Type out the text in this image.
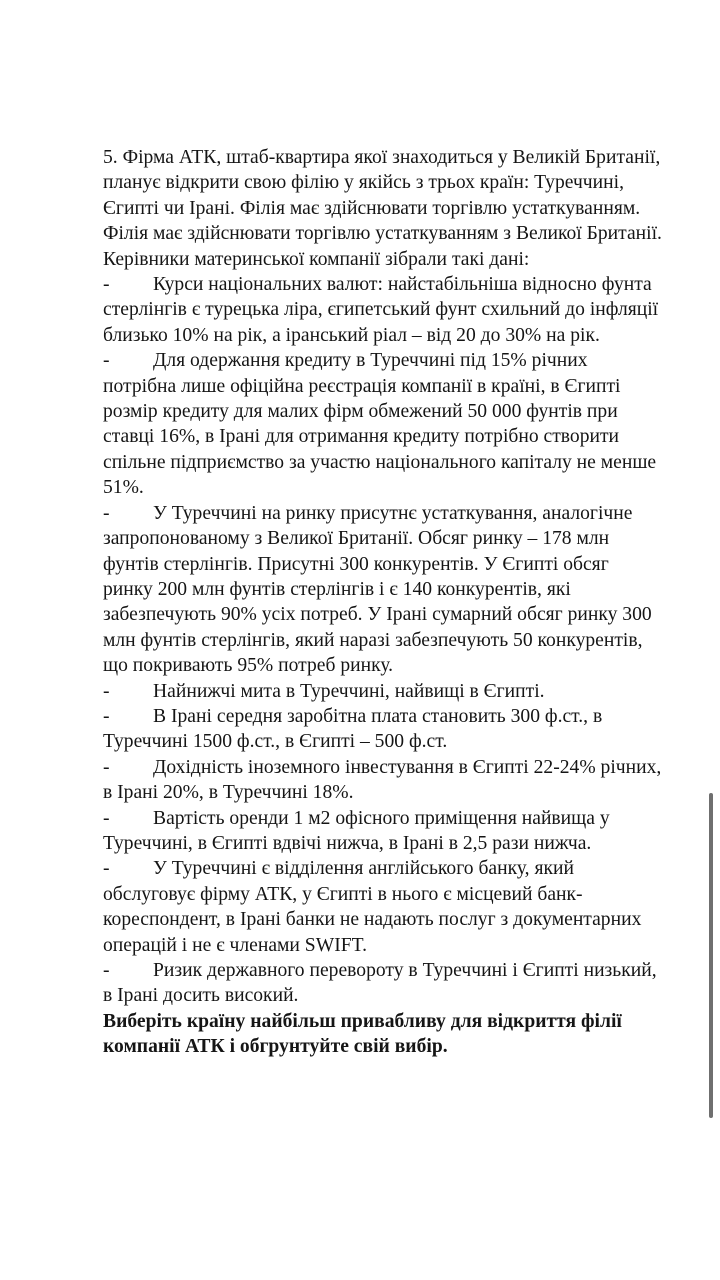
5. Фірма АТК, штаб-квартира якої знаходиться у Великій Британії, планує відкрити свою філію у якійсь з трьох країн: Туреччині, Єгипті чи Ірані. Філія має здійснювати торгівлю устаткуванням. Філія має здійснювати торгівлю устаткуванням з Великої Британії. Керівники материнської компанії зібрали такі дані:

- Курси національних валют: найстабільніша відносно фунта стерлінгів є турецька ліра, єгипетський фунт схильний до інфляції близько 10% на рік, а іранський ріал – від 20 до 30% на рік.

- Для одержання кредиту в Туреччині під 15% річних потрібна лише офіційна реєстрація компанії в країні, в Єгипті розмір кредиту для малих фірм обмежений 50 000 фунтів при ставці 16%, в Ірані для отримання кредиту потрібно створити спільне підприємство за участю національного капіталу не менше 51%.

- У Туреччині на ринку присутнє устаткування, аналогічне запропонованому з Великої Британії. Обсяг ринку – 178 млн фунтів стерлінгів. Присутні 300 конкурентів. У Єгипті обсяг ринку 200 млн фунтів стерлінгів і є 140 конкурентів, які забезпечують 90% усіх потреб. У Ірані сумарний обсяг ринку 300 млн фунтів стерлінгів, який наразі забезпечують 50 конкурентів, що покривають 95% потреб ринку.

- Найнижчі мита в Туреччині, найвищі в Єгипті.

- В Ірані середня заробітна плата становить 300 ф.ст., в Туреччині 1500 ф.ст., в Єгипті – 500 ф.ст.

- Дохідність іноземного інвестування в Єгипті 22-24% річних, в Ірані 20%, в Туреччині 18%.

- Вартість оренди 1 м2 офісного приміщення найвища у Туреччині, в Єгипті вдвічі нижча, в Ірані в 2,5 рази нижча.

- У Туреччині є відділення англійського банку, який обслуговує фірму АТК, у Єгипті в нього є місцевий банк-кореспондент, в Ірані банки не надають послуг з документарних операцій і не є членами SWIFT.

- Ризик державного перевороту в Туреччині і Єгипті низький, в Ірані досить високий.

Виберіть країну найбільш привабливу для відкриття філії компанії АТК і обгрунтуйте свій вибір.
